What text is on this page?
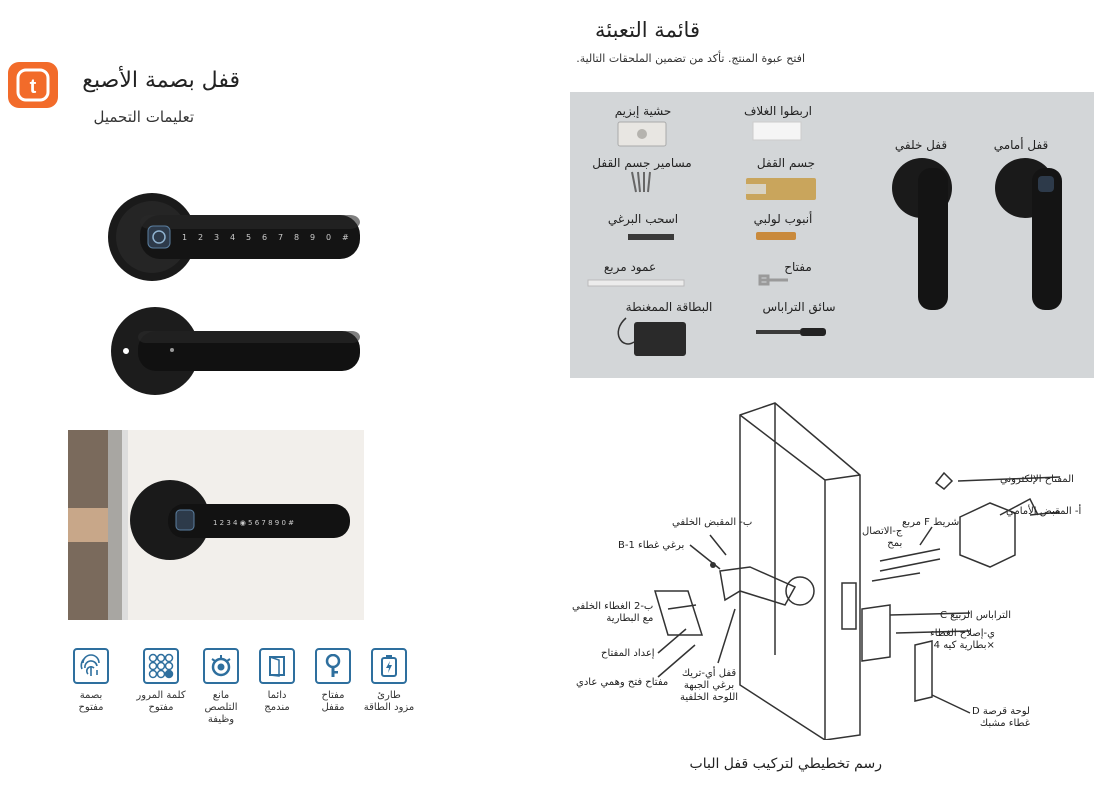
t	قفل بصمة الأصبع
تعليمات التحميل
1 2 3 4 5 6 7 8 9 0 #
1 2 3 4 ◉ 5 6 7 8 9 0 #
طارئ
مزود الطاقة
مفتاح
مقفل
دائما
مندمج
مانع التلصص
وظيفة
كلمة المرور
مفتوح
بصمة
مفتوح
قائمة التعبئة
.افتح عبوة المنتج. تأكد من تضمين الملحقات التالية
حشية إبزيم	اربطوا الغلاف
قفل خلفي	قفل أمامي
مسامير جسم القفل	جسم القفل
اسحب البرغي	أنبوب لولبي
عمود مربع	مفتاح
البطاقة الممغنطة	سائق التراباس
المفتاح الإلكتروني
أ- المقبض الأمامي
مربع F شريط
ج-الاتصال
بمح
ب- المقبض الخلفي
B-1 برغي غطاء
ب-2 الغطاء الخلفي
مع البطارية
إعداد المفتاح
مفتاح فتح وهمي عادي
قفل أي-تريك
برغي الجبهة
اللوحة الخلفية
C التراباس الربيع
ي-إصلاح الغطاء
بطارية كيه 4×
D لوحة قرصة
غطاء مشبك
رسم تخطيطي لتركيب قفل الباب
